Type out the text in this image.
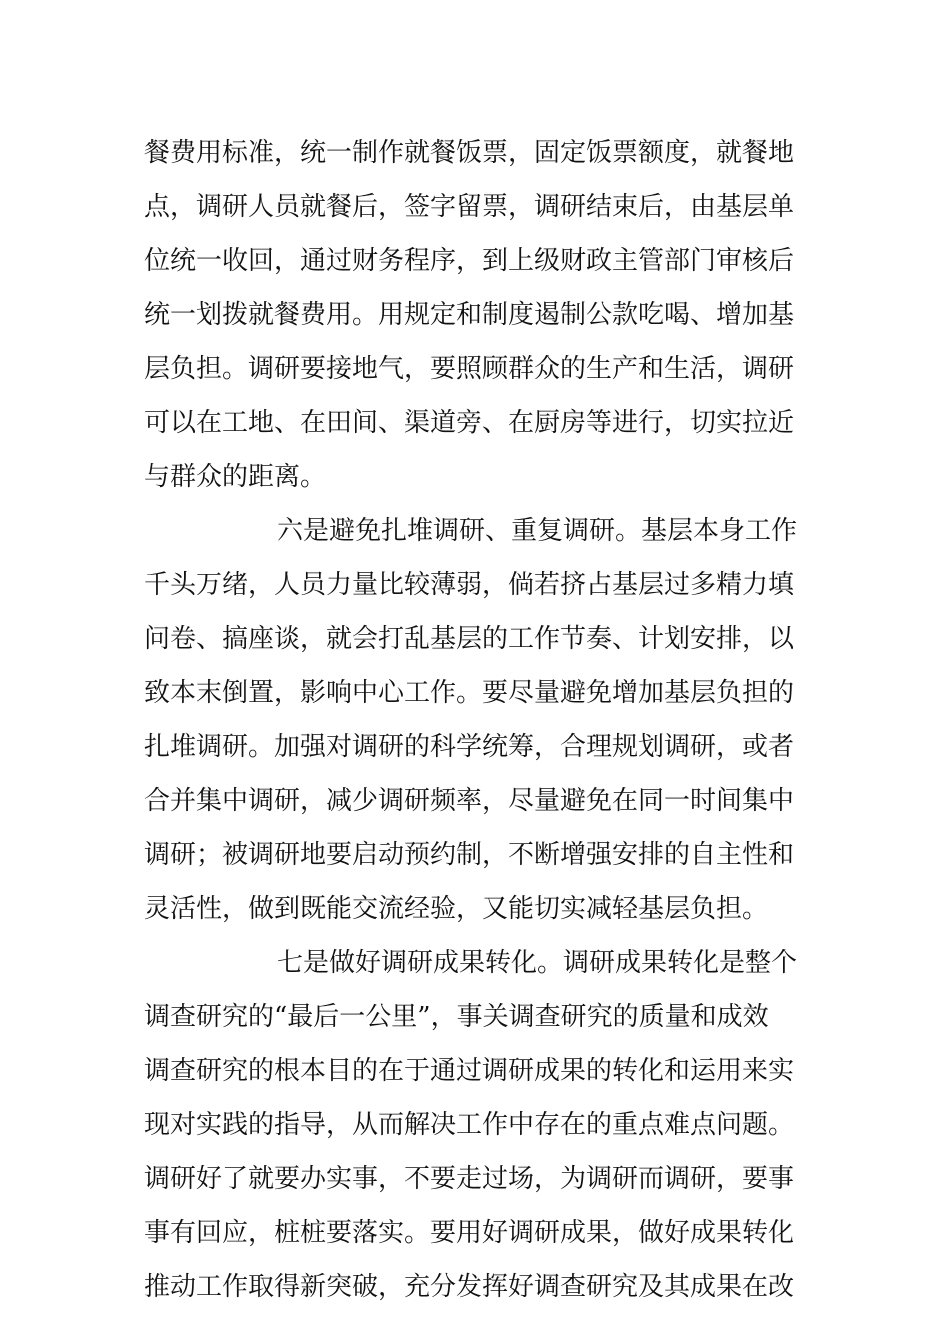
餐费用标准，统一制作就餐饭票，固定饭票额度，就餐地
点，调研人员就餐后，签字留票，调研结束后，由基层单
位统一收回，通过财务程序，到上级财政主管部门审核后
统一划拨就餐费用。用规定和制度遏制公款吃喝、增加基
层负担。调研要接地气，要照顾群众的生产和生活，调研
可以在工地、在田间、渠道旁、在厨房等进行，切实拉近
与群众的距离。
六是避免扎堆调研、重复调研。基层本身工作
千头万绪，人员力量比较薄弱，倘若挤占基层过多精力填
问卷、搞座谈，就会打乱基层的工作节奏、计划安排，以
致本末倒置，影响中心工作。要尽量避免增加基层负担的
扎堆调研。加强对调研的科学统筹，合理规划调研，或者
合并集中调研，减少调研频率，尽量避免在同一时间集中
调研；被调研地要启动预约制，不断增强安排的自主性和
灵活性，做到既能交流经验，又能切实减轻基层负担。
七是做好调研成果转化。调研成果转化是整个
调查研究的“最后一公里”，事关调查研究的质量和成效
调查研究的根本目的在于通过调研成果的转化和运用来实
现对实践的指导，从而解决工作中存在的重点难点问题。
调研好了就要办实事，不要走过场，为调研而调研，要事
事有回应，桩桩要落实。要用好调研成果，做好成果转化
推动工作取得新突破，充分发挥好调查研究及其成果在改
